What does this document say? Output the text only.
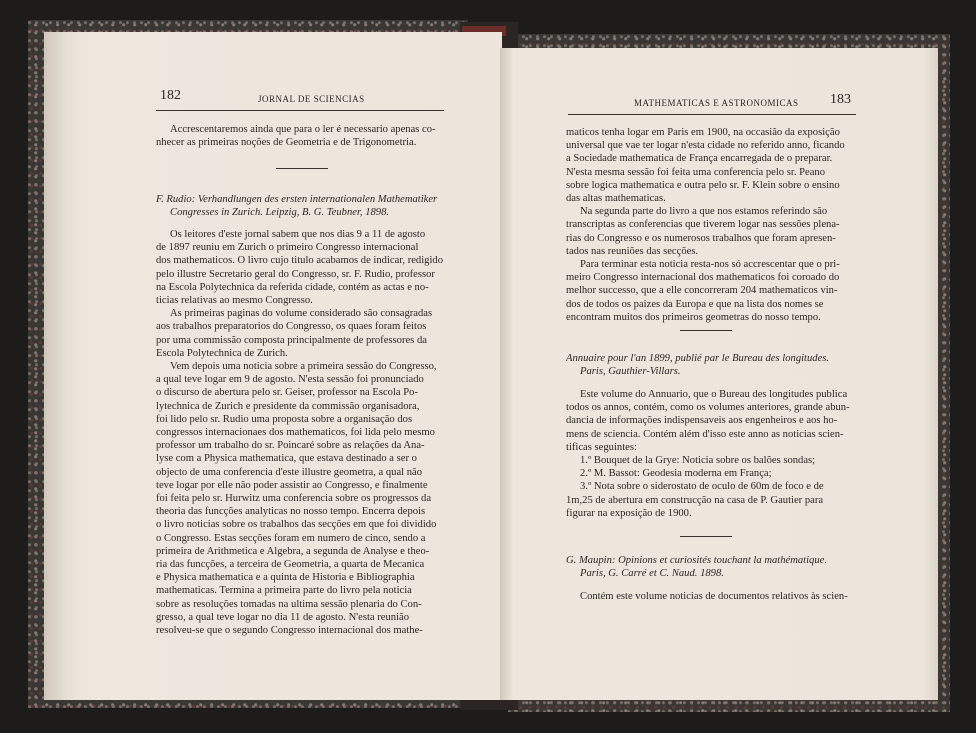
182	JORNAL DE SCIENCIAS
Accrescentaremos ainda que para o ler é necessario apenas co-
nhecer as primeiras noções de Geometria e de Trigonometria.
F. Rudio: Verhandlungen des ersten internationalen Mathematiker
Congresses in Zurich. Leipzig, B. G. Teubner, 1898.
Os leitores d'este jornal sabem que nos dias 9 a 11 de agosto
de 1897 reuniu em Zurich o primeiro Congresso internacional
dos mathematicos. O livro cujo titulo acabamos de indicar, redigido
pelo illustre Secretario geral do Congresso, sr. F. Rudio, professor
na Escola Polytechnica da referida cidade, contém as actas e no-
ticias relativas ao mesmo Congresso.
As primeiras paginas do volume considerado são consagradas
aos trabalhos preparatorios do Congresso, os quaes foram feitos
por uma commissão composta principalmente de professores da
Escola Polytechnica de Zurich.
Vem depois uma noticia sobre a primeira sessão do Congresso,
a qual teve logar em 9 de agosto. N'esta sessão foi pronunciado
o discurso de abertura pelo sr. Geiser, professor na Escola Po-
lytechnica de Zurich e presidente da commissão organisadora,
foi lido pelo sr. Rudio uma proposta sobre a organisação dos
congressos internacionaes dos mathematicos, foi lida pelo mesmo
professor um trabalho do sr. Poincaré sobre as relações da Ana-
lyse com a Physica mathematica, que estava destinado a ser o
objecto de uma conferencia d'este illustre geometra, a qual não
teve logar por elle não poder assistir ao Congresso, e finalmente
foi feita pelo sr. Hurwitz uma conferencia sobre os progressos da
theoria das funcções analyticas no nosso tempo. Encerra depois
o livro noticias sobre os trabalhos das secções em que foi dividido
o Congresso. Estas secções foram em numero de cinco, sendo a
primeira de Arithmetica e Algebra, a segunda de Analyse e theo-
ria das funcções, a terceira de Geometria, a quarta de Mecanica
e Physica mathematica e a quinta de Historia e Bibliographia
mathematicas. Termina a primeira parte do livro pela noticia
sobre as resoluções tomadas na ultima sessão plenaria do Con-
gresso, a qual teve logar no dia 11 de agosto. N'esta reunião
resolveu-se que o segundo Congresso internacional dos mathe-
MATHEMATICAS E ASTRONOMICAS 183
maticos tenha logar em Paris em 1900, na occasião da exposição
universal que vae ter logar n'esta cidade no referido anno, ficando
a Sociedade mathematica de França encarregada de o preparar.
N'esta mesma sessão foi feita uma conferencia pelo sr. Peano
sobre logica mathematica e outra pelo sr. F. Klein sobre o ensino
das altas mathematicas.
Na segunda parte do livro a que nos estamos referindo são
transcriptas as conferencias que tiverem logar nas sessões plena-
rias do Congresso e os numerosos trabalhos que foram apresen-
tados nas reuniões das secções.
Para terminar esta noticia resta-nos só accrescentar que o pri-
meiro Congresso internacional dos mathematicos foi coroado do
melhor successo, que a elle concorreram 204 mathematicos vin-
dos de todos os paizes da Europa e que na lista dos nomes se
encontram muitos dos primeiros geometras do nosso tempo.
Annuaire pour l'an 1899, publié par le Bureau des longitudes.
Paris, Gauthier-Villars.
Este volume do Annuario, que o Bureau des longitudes publica
todos os annos, contém, como os volumes anteriores, grande abun-
dancia de informações indispensaveis aos engenheiros e aos ho-
mens de sciencia. Contém além d'isso este anno as noticias scien-
tificas seguintes:
1.º Bouquet de la Grye: Noticia sobre os balões sondas;
2.º M. Bassot: Geodesia moderna em França;
3.º Nota sobre o siderostato de oculo de 60m de foco e de
1m,25 de abertura em construcção na casa de P. Gautier para
figurar na exposição de 1900.
G. Maupin: Opinions et curiosités touchant la mathématique.
Paris, G. Carré et C. Naud. 1898.
Contém este volume noticias de documentos relativos às scien-
